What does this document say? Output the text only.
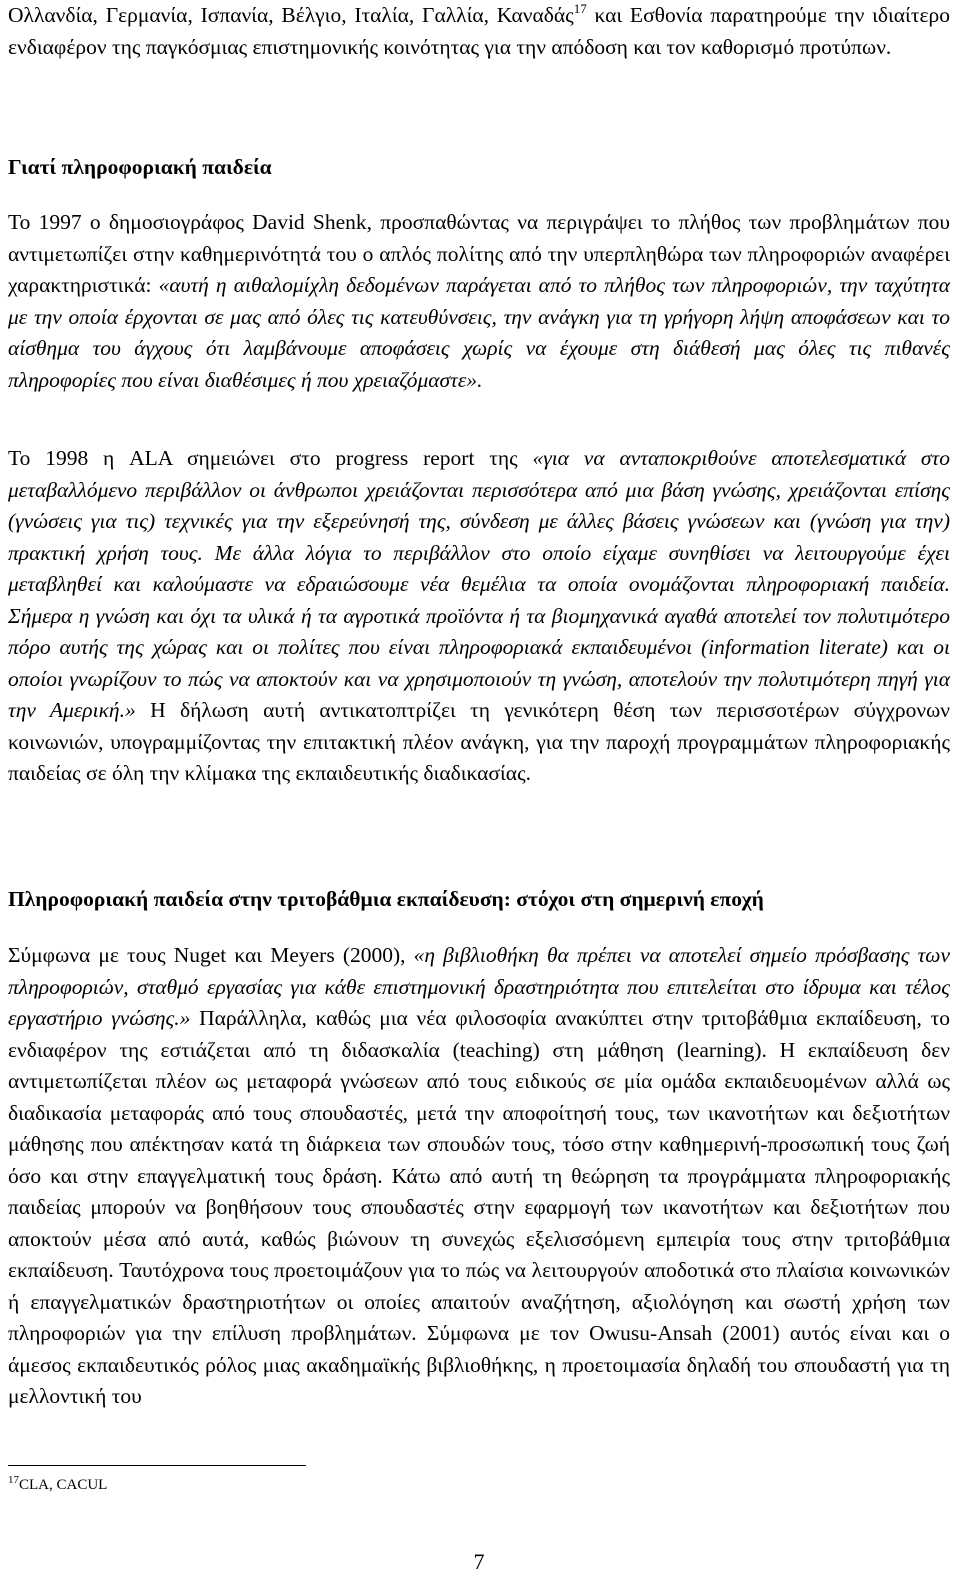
Ολλανδία, Γερμανία, Ισπανία, Βέλγιο, Ιταλία, Γαλλία, Καναδάς$^{17}$ και Εσθονία παρατηρούμε την ιδιαίτερο ενδιαφέρον της παγκόσμιας επιστημονικής κοινότητας για την απόδοση και τον καθορισμό προτύπων.

Γιατί πληροφοριακή παιδεία

Το 1997 ο δημοσιογράφος David Shenk, προσπαθώντας να περιγράψει το πλήθος των προβλημάτων που αντιμετωπίζει στην καθημερινότητά του ο απλός πολίτης από την υπερπληθώρα των πληροφοριών αναφέρει χαρακτηριστικά: «αυτή η αιθαλομίχλη δεδομένων παράγεται από το πλήθος των πληροφοριών, την ταχύτητα με την οποία έρχονται σε μας από όλες τις κατευθύνσεις, την ανάγκη για τη γρήγορη λήψη αποφάσεων και το αίσθημα του άγχους ότι λαμβάνουμε αποφάσεις χωρίς να έχουμε στη διάθεσή μας όλες τις πιθανές πληροφορίες που είναι διαθέσιμες ή που χρειαζόμαστε».

Το 1998 η ALA σημειώνει στο progress report της «για να ανταποκριθούνε αποτελεσματικά στο μεταβαλλόμενο περιβάλλον οι άνθρωποι χρειάζονται περισσότερα από μια βάση γνώσης, χρειάζονται επίσης (γνώσεις για τις) τεχνικές για την εξερεύνησή της, σύνδεση με άλλες βάσεις γνώσεων και (γνώση για την) πρακτική χρήση τους. Με άλλα λόγια το περιβάλλον στο οποίο είχαμε συνηθίσει να λειτουργούμε έχει μεταβληθεί και καλούμαστε να εδραιώσουμε νέα θεμέλια τα οποία ονομάζονται πληροφοριακή παιδεία. Σήμερα η γνώση και όχι τα υλικά ή τα αγροτικά προϊόντα ή τα βιομηχανικά αγαθά αποτελεί τον πολυτιμότερο πόρο αυτής της χώρας και οι πολίτες που είναι πληροφοριακά εκπαιδευμένοι (information literate) και οι οποίοι γνωρίζουν το πώς να αποκτούν και να χρησιμοποιούν τη γνώση, αποτελούν την πολυτιμότερη πηγή για την Αμερική.» Η δήλωση αυτή αντικατοπτρίζει τη γενικότερη θέση των περισσοτέρων σύγχρονων κοινωνιών, υπογραμμίζοντας την επιτακτική πλέον ανάγκη, για την παροχή προγραμμάτων πληροφοριακής παιδείας σε όλη την κλίμακα της εκπαιδευτικής διαδικασίας.

Πληροφοριακή παιδεία στην τριτοβάθμια εκπαίδευση: στόχοι στη σημερινή εποχή

Σύμφωνα με τους Nuget και Meyers (2000), «η βιβλιοθήκη θα πρέπει να αποτελεί σημείο πρόσβασης των πληροφοριών, σταθμό εργασίας για κάθε επιστημονική δραστηριότητα που επιτελείται στο ίδρυμα και τέλος εργαστήριο γνώσης.» Παράλληλα, καθώς μια νέα φιλοσοφία ανακύπτει στην τριτοβάθμια εκπαίδευση, το ενδιαφέρον της εστιάζεται από τη διδασκαλία (teaching) στη μάθηση (learning). Η εκπαίδευση δεν αντιμετωπίζεται πλέον ως μεταφορά γνώσεων από τους ειδικούς σε μία ομάδα εκπαιδευομένων αλλά ως διαδικασία μεταφοράς από τους σπουδαστές, μετά την αποφοίτησή τους, των ικανοτήτων και δεξιοτήτων μάθησης που απέκτησαν κατά τη διάρκεια των σπουδών τους, τόσο στην καθημερινή-προσωπική τους ζωή όσο και στην επαγγελματική τους δράση. Κάτω από αυτή τη θεώρηση τα προγράμματα πληροφοριακής παιδείας μπορούν να βοηθήσουν τους σπουδαστές στην εφαρμογή των ικανοτήτων και δεξιοτήτων που αποκτούν μέσα από αυτά, καθώς βιώνουν τη συνεχώς εξελισσόμενη εμπειρία τους στην τριτοβάθμια εκπαίδευση. Ταυτόχρονα τους προετοιμάζουν για το πώς να λειτουργούν αποδοτικά στο πλαίσια κοινωνικών ή επαγγελματικών δραστηριοτήτων οι οποίες απαιτούν αναζήτηση, αξιολόγηση και σωστή χρήση των πληροφοριών για την επίλυση προβλημάτων. Σύμφωνα με τον Owusu-Ansah (2001) αυτός είναι και ο άμεσος εκπαιδευτικός ρόλος μιας ακαδημαϊκής βιβλιοθήκης, η προετοιμασία δηλαδή του σπουδαστή για τη μελλοντική του

$^{17}$CLA, CACUL
7
